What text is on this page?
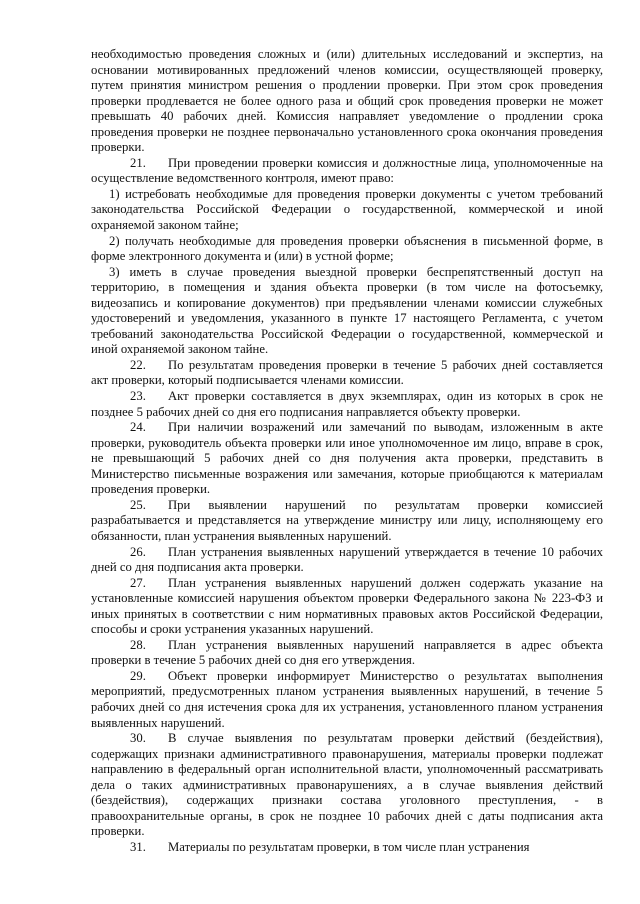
необходимостью проведения сложных и (или) длительных исследований и экспертиз, на основании мотивированных предложений членов комиссии, осуществляющей проверку, путем принятия министром решения о продлении проверки. При этом срок проведения проверки продлевается не более одного раза и общий срок проведения проверки не может превышать 40 рабочих дней. Комиссия направляет уведомление о продлении срока проведения проверки не позднее первоначально установленного срока окончания проведения проверки.

21. При проведении проверки комиссия и должностные лица, уполномоченные на осуществление ведомственного контроля, имеют право:

1) истребовать необходимые для проведения проверки документы с учетом требований законодательства Российской Федерации о государственной, коммерческой и иной охраняемой законом тайне;

2) получать необходимые для проведения проверки объяснения в письменной форме, в форме электронного документа и (или) в устной форме;

3) иметь в случае проведения выездной проверки беспрепятственный доступ на территорию, в помещения и здания объекта проверки (в том числе на фотосъемку, видеозапись и копирование документов) при предъявлении членами комиссии служебных удостоверений и уведомления, указанного в пункте 17 настоящего Регламента, с учетом требований законодательства Российской Федерации о государственной, коммерческой и иной охраняемой законом тайне.

22. По результатам проведения проверки в течение 5 рабочих дней составляется акт проверки, который подписывается членами комиссии.

23. Акт проверки составляется в двух экземплярах, один из которых в срок не позднее 5 рабочих дней со дня его подписания направляется объекту проверки.

24. При наличии возражений или замечаний по выводам, изложенным в акте проверки, руководитель объекта проверки или иное уполномоченное им лицо, вправе в срок, не превышающий 5 рабочих дней со дня получения акта проверки, представить в Министерство письменные возражения или замечания, которые приобщаются к материалам проведения проверки.

25. При выявлении нарушений по результатам проверки комиссией разрабатывается и представляется на утверждение министру или лицу, исполняющему его обязанности, план устранения выявленных нарушений.

26. План устранения выявленных нарушений утверждается в течение 10 рабочих дней со дня подписания акта проверки.

27. План устранения выявленных нарушений должен содержать указание на установленные комиссией нарушения объектом проверки Федерального закона № 223-ФЗ и иных принятых в соответствии с ним нормативных правовых актов Российской Федерации, способы и сроки устранения указанных нарушений.

28. План устранения выявленных нарушений направляется в адрес объекта проверки в течение 5 рабочих дней со дня его утверждения.

29. Объект проверки информирует Министерство о результатах выполнения мероприятий, предусмотренных планом устранения выявленных нарушений, в течение 5 рабочих дней со дня истечения срока для их устранения, установленного планом устранения выявленных нарушений.

30. В случае выявления по результатам проверки действий (бездействия), содержащих признаки административного правонарушения, материалы проверки подлежат направлению в федеральный орган исполнительной власти, уполномоченный рассматривать дела о таких административных правонарушениях, а в случае выявления действий (бездействия), содержащих признаки состава уголовного преступления, - в правоохранительные органы, в срок не позднее 10 рабочих дней с даты подписания акта проверки.

31. Материалы по результатам проверки, в том числе план устранения
